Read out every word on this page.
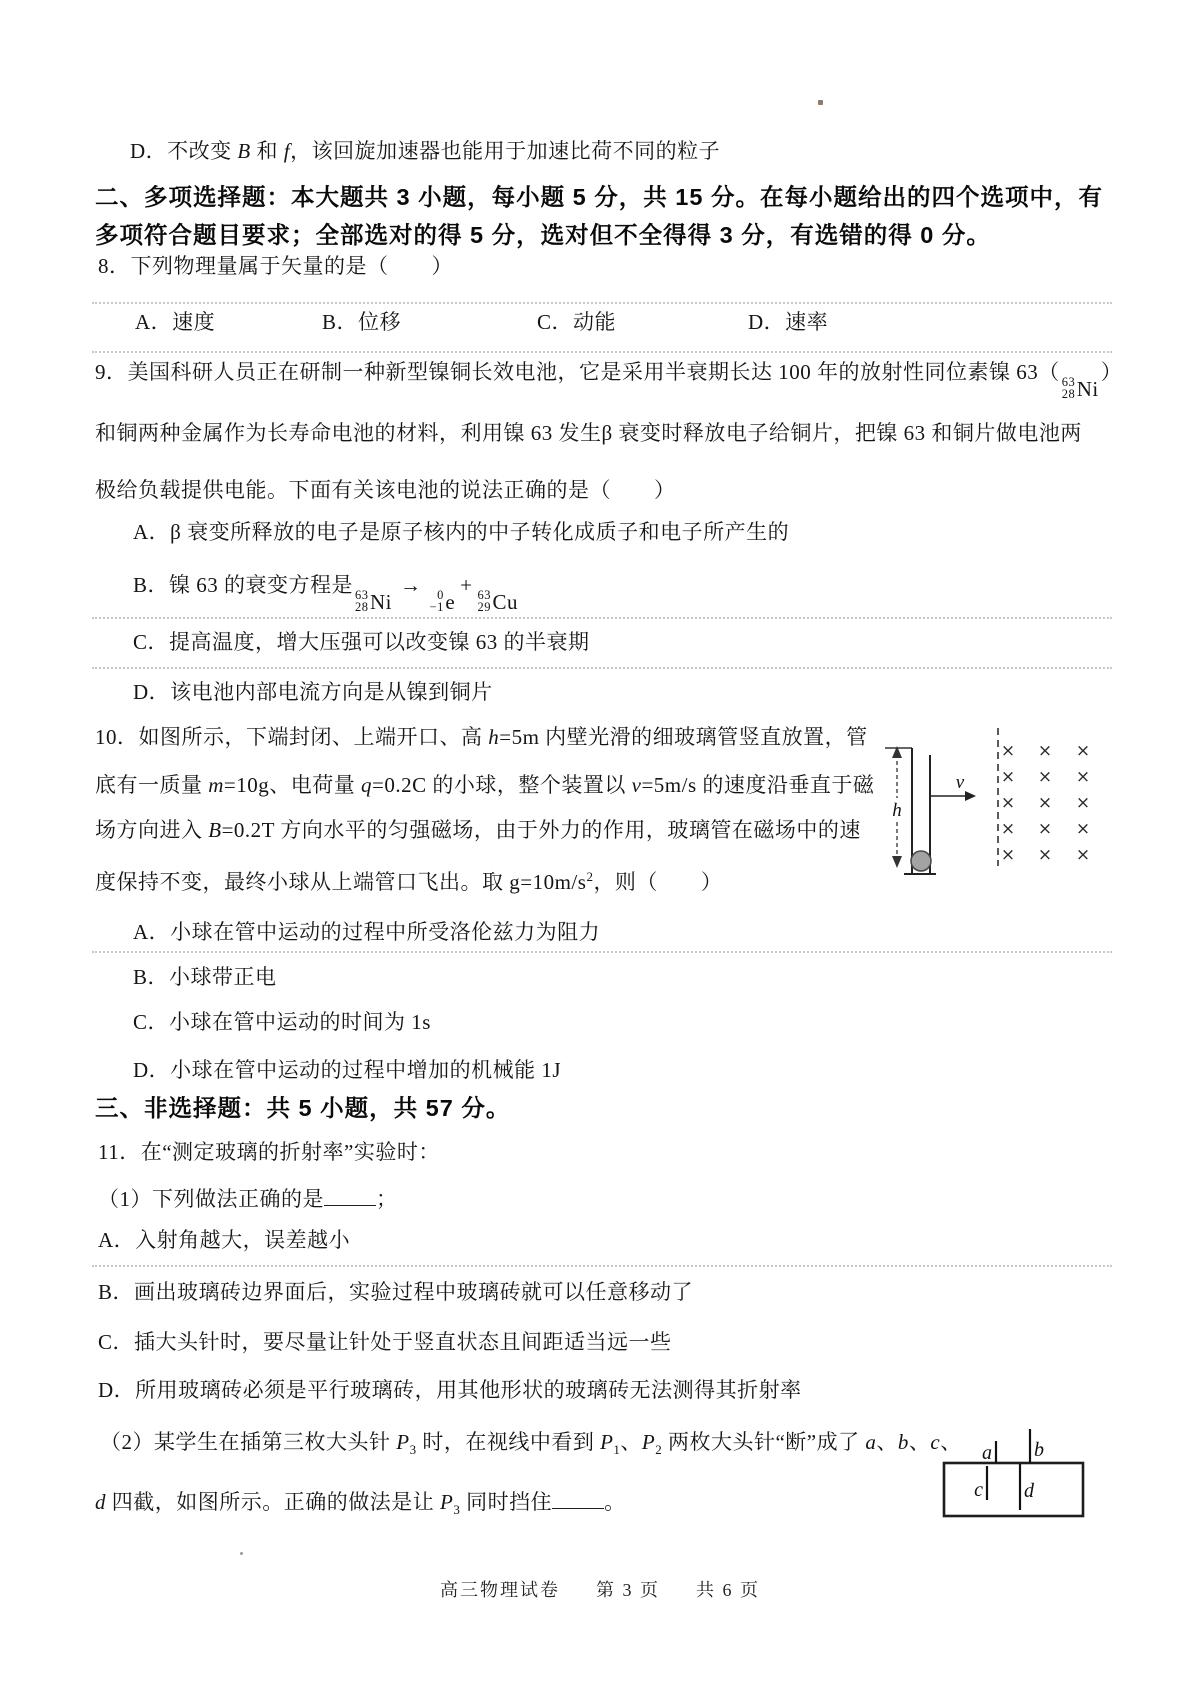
D．不改变 B 和 f，该回旋加速器也能用于加速比荷不同的粒子
二、多项选择题：本大题共 3 小题，每小题 5 分，共 15 分。在每小题给出的四个选项中，有
多项符合题目要求；全部选对的得 5 分，选对但不全得得 3 分，有选错的得 0 分。
8．下列物理量属于矢量的是（　　）
A．速度	B．位移	C．动能	D．速率
9．美国科研人员正在研制一种新型镍铜长效电池，它是采用半衰期长达 100 年的放射性同位素镍 63（ 63
28 Ni
）
和铜两种金属作为长寿命电池的材料，利用镍 63 发生β 衰变时释放电子给铜片，把镍 63 和铜片做电池两
极给负载提供电能。下面有关该电池的说法正确的是（　　）
A．β 衰变所释放的电子是原子核内的中子转化成质子和电子所产生的
B．镍 63 的衰变方程是 63
28 Ni
→ 0
−1 e
+ 63
29 Cu
C．提高温度，增大压强可以改变镍 63 的半衰期
D．该电池内部电流方向是从镍到铜片
10．如图所示，下端封闭、上端开口、高 h=5m 内壁光滑的细玻璃管竖直放置，管
底有一质量 m=10g、电荷量 q=0.2C 的小球，整个装置以 v=5m/s 的速度沿垂直于磁
场方向进入 B=0.2T 方向水平的匀强磁场，由于外力的作用，玻璃管在磁场中的速
度保持不变，最终小球从上端管口飞出。取 $g=10m/s^2$，则（　　）
h
v
× × ×
× × ×
× × ×
× × ×
× × ×
A．小球在管中运动的过程中所受洛伦兹力为阻力
B．小球带正电
C．小球在管中运动的时间为 1s
D．小球在管中运动的过程中增加的机械能 1J
三、非选择题：共 5 小题，共 57 分。
11．在“测定玻璃的折射率”实验时：
（1）下列做法正确的是 ；
A．入射角越大，误差越小
B．画出玻璃砖边界面后，实验过程中玻璃砖就可以任意移动了
C．插大头针时，要尽量让针处于竖直状态且间距适当远一些
D．所用玻璃砖必须是平行玻璃砖，用其他形状的玻璃砖无法测得其折射率
（2）某学生在插第三枚大头针 $P_3$ 时，在视线中看到 $P_1$、$P_2$ 两枚大头针“断”成了 a、b、c、
d 四截，如图所示。正确的做法是让 $P_3$ 同时挡住 。
a b
c d
高三物理试卷 第 3 页 共 6 页
